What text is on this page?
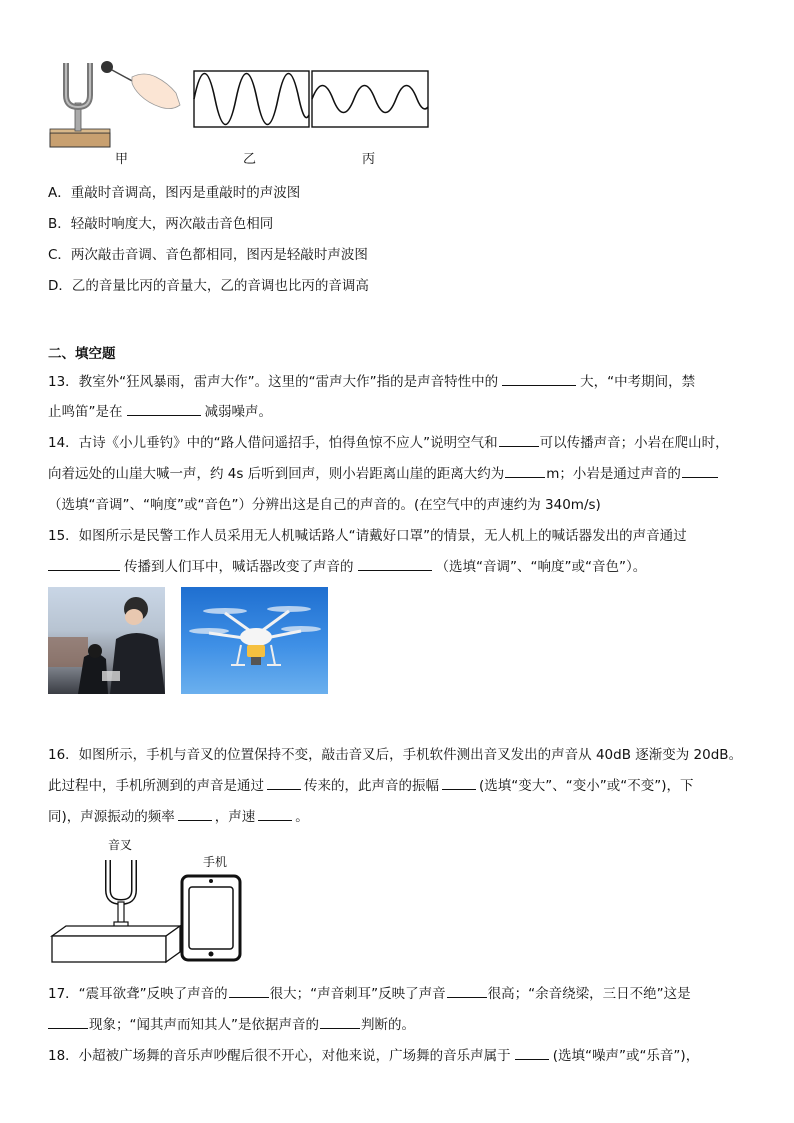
甲	乙	丙
A．重敲时音调高，图丙是重敲时的声波图
B．轻敲时响度大，两次敲击音色相同
C．两次敲击音调、音色都相同，图丙是轻敲时声波图
D．乙的音量比丙的音量大，乙的音调也比丙的音调高
二、填空题
13．教室外“狂风暴雨，雷声大作”。这里的“雷声大作”指的是声音特性中的	大，“中考期间，禁
止鸣笛”是在	减弱噪声。
14．古诗《小儿垂钓》中的“路人借问遥招手，怕得鱼惊不应人”说明空气和	可以传播声音；小岩在爬山时，
向着远处的山崖大喊一声，约 4s 后听到回声，则小岩距离山崖的距离大约为	m；小岩是通过声音的
（选填“音调”、“响度”或“音色”）分辨出这是自己的声音的。(在空气中的声速约为 340m/s)
15．如图所示是民警工作人员采用无人机喊话路人“请戴好口罩”的情景，无人机上的喊话器发出的声音通过
传播到人们耳中，喊话器改变了声音的	（选填“音调”、“响度”或“音色”）。
16．如图所示，手机与音叉的位置保持不变，敲击音叉后，手机软件测出音叉发出的声音从 40dB 逐渐变为 20dB。
此过程中，手机所测到的声音是通过	传来的，此声音的振幅	(选填“变大”、“变小”或“不变”)，下
同)，声源振动的频率	，声速	。
音叉
手机
17．“震耳欲聋”反映了声音的	很大；“声音刺耳”反映了声音	很高；“余音绕梁，三日不绝”这是
现象；“闻其声而知其人”是依据声音的	判断的。
18．小超被广场舞的音乐声吵醒后很不开心，对他来说，广场舞的音乐声属于	(选填“噪声”或“乐音”)，
